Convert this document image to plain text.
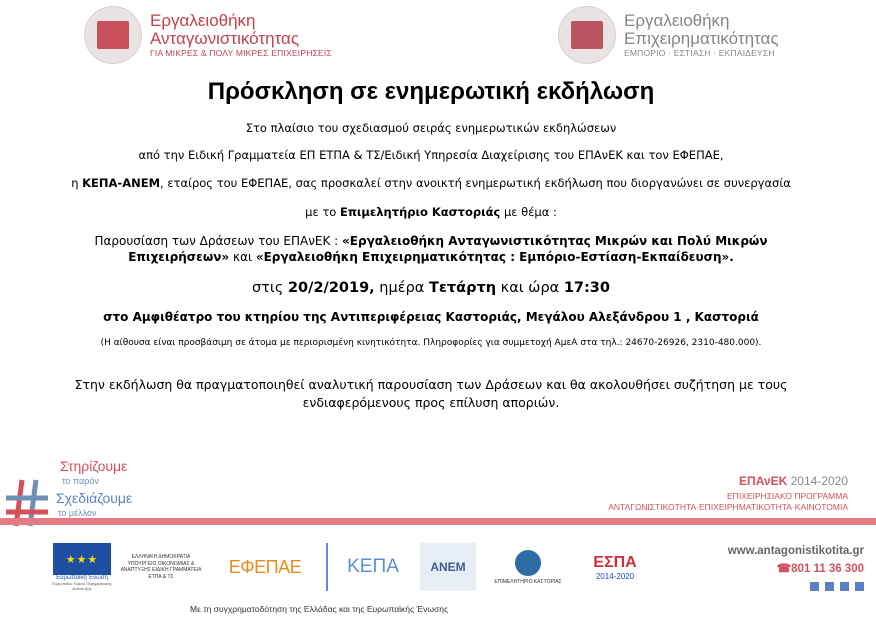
Εργαλειοθήκη
Ανταγωνιστικότητας
ΓΙΑ ΜΙΚΡΕΣ & ΠΟΛΥ ΜΙΚΡΕΣ ΕΠΙΧΕΙΡΗΣΕΙΣ
Εργαλειοθήκη
Επιχειρηματικότητας
ΕΜΠΟΡΙΟ · ΕΣΤΙΑΣΗ · ΕΚΠΑΙΔΕΥΣΗ
Πρόσκληση σε ενημερωτική εκδήλωση
Στο πλαίσιο του σχεδιασμού σειράς ενημερωτικών εκδηλώσεων
από την Ειδική Γραμματεία ΕΠ ΕΤΠΑ & ΤΣ/Ειδική Υπηρεσία Διαχείρισης του ΕΠΑνΕΚ και τον ΕΦΕΠΑΕ,
η ΚΕΠΑ-ΑΝΕΜ, εταίρος του ΕΦΕΠΑΕ, σας προσκαλεί στην ανοικτή ενημερωτική εκδήλωση που διοργανώνει σε συνεργασία
με το Επιμελητήριο Καστοριάς με θέμα :
Παρουσίαση των Δράσεων του ΕΠΑνΕΚ : «Εργαλειοθήκη Ανταγωνιστικότητας Μικρών και Πολύ Μικρών
Επιχειρήσεων» και «Εργαλειοθήκη Επιχειρηματικότητας : Εμπόριο-Εστίαση-Εκπαίδευση».
στις 20/2/2019, ημέρα Τετάρτη και ώρα 17:30
στο Αμφιθέατρο του κτηρίου της Αντιπεριφέρειας Καστοριάς, Μεγάλου Αλεξάνδρου 1 , Καστοριά
(Η αίθουσα είναι προσβάσιμη σε άτομα με περιορισμένη κινητικότητα. Πληροφορίες για συμμετοχή ΑμεΑ στα τηλ.: 24670-26926, 2310-480.000).
Στην εκδήλωση θα πραγματοποιηθεί αναλυτική παρουσίαση των Δράσεων και θα ακολουθήσει συζήτηση με τους
ενδιαφερόμενους προς επίλυση αποριών.
Στηρίζουμε
το παρόν
Σχεδιάζουμε
το μέλλον
ΕΠΑνΕΚ 2014-2020
ΕΠΙΧΕΙΡΗΣΙΑΚΟ ΠΡΟΓΡΑΜΜΑ
ΑΝΤΑΓΩΝΙΣΤΙΚΟΤΗΤΑ·ΕΠΙΧΕΙΡΗΜΑΤΙΚΟΤΗΤΑ·ΚΑΙΝΟΤΟΜΙΑ
★★★
Ευρωπαϊκή Ένωση
Ευρωπαϊκό Ταμείο Περιφερειακής Ανάπτυξης
ΕΛΛΗΝΙΚΗ ΔΗΜΟΚΡΑΤΙΑ ΥΠΟΥΡΓΕΙΟ ΟΙΚΟΝΟΜΙΑΣ & ΑΝΑΠΤΥΞΗΣ ΕΙΔΙΚΗ ΓΡΑΜΜΑΤΕΙΑ ΕΤΠΑ & ΤΣ	ΕΦΕΠΑΕ	ΚΕΠΑ	ΑΝΕΜ
ΕΠΙΜΕΛΗΤΗΡΙΟ ΚΑΣΤΟΡΙΑΣ
ΕΣΠΑ
2014-2020
www.antagonistikotita.gr
☎801 11 36 300
Με τη συγχρηματοδότηση της Ελλάδας και της Ευρωπαϊκής Ένωσης
